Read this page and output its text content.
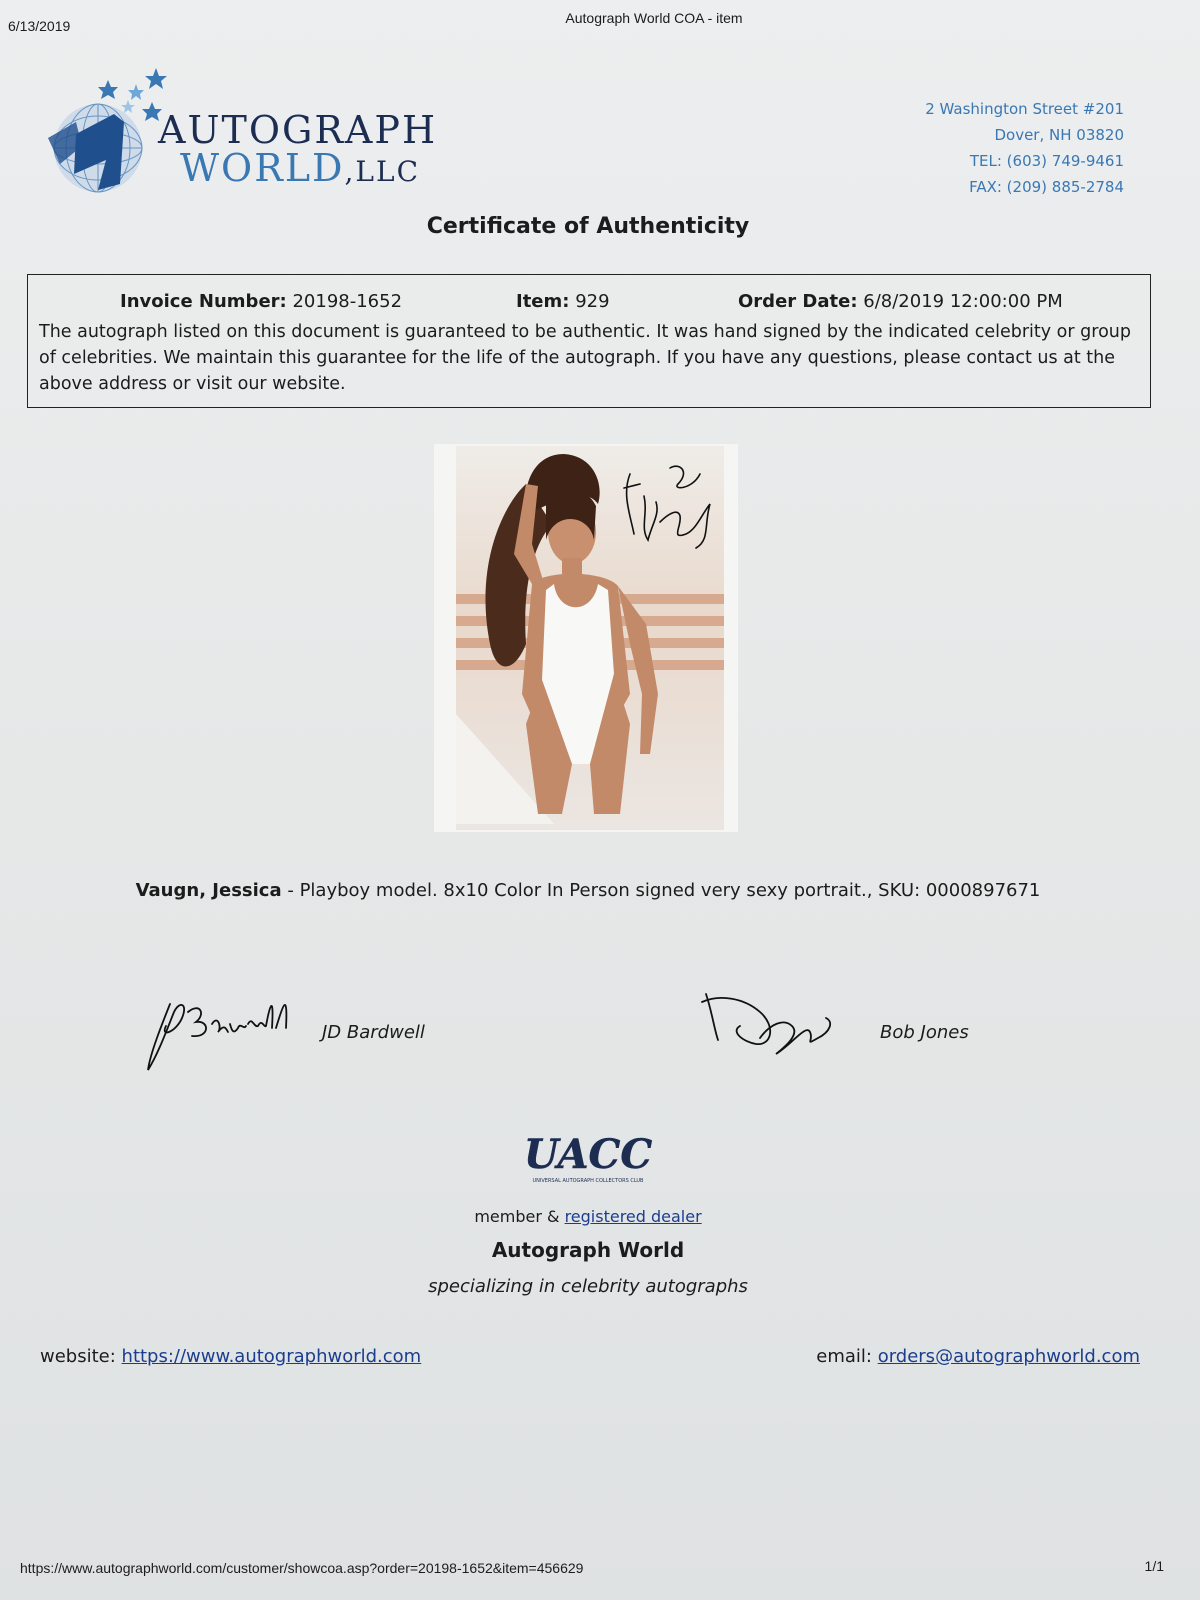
6/13/2019	Autograph World COA - item
AUTOGRAPH
WORLD,LLC
2 Washington Street #201
Dover, NH 03820
TEL: (603) 749-9461
FAX: (209) 885-2784
Certificate of Authenticity
Invoice Number: 20198-1652	Item: 929	Order Date: 6/8/2019 12:00:00 PM
The autograph listed on this document is guaranteed to be authentic. It was hand signed by the indicated celebrity or group of celebrities. We maintain this guarantee for the life of the autograph. If you have any questions, please contact us at the above address or visit our website.
Vaugn, Jessica - Playboy model. 8x10 Color In Person signed very sexy portrait., SKU: 0000897671
JD Bardwell	Bob Jones
UACC
UNIVERSAL AUTOGRAPH COLLECTORS CLUB
member & registered dealer
Autograph World
specializing in celebrity autographs
website: https://www.autographworld.com	email: orders@autographworld.com
https://www.autographworld.com/customer/showcoa.asp?order=20198-1652&item=456629	1/1
